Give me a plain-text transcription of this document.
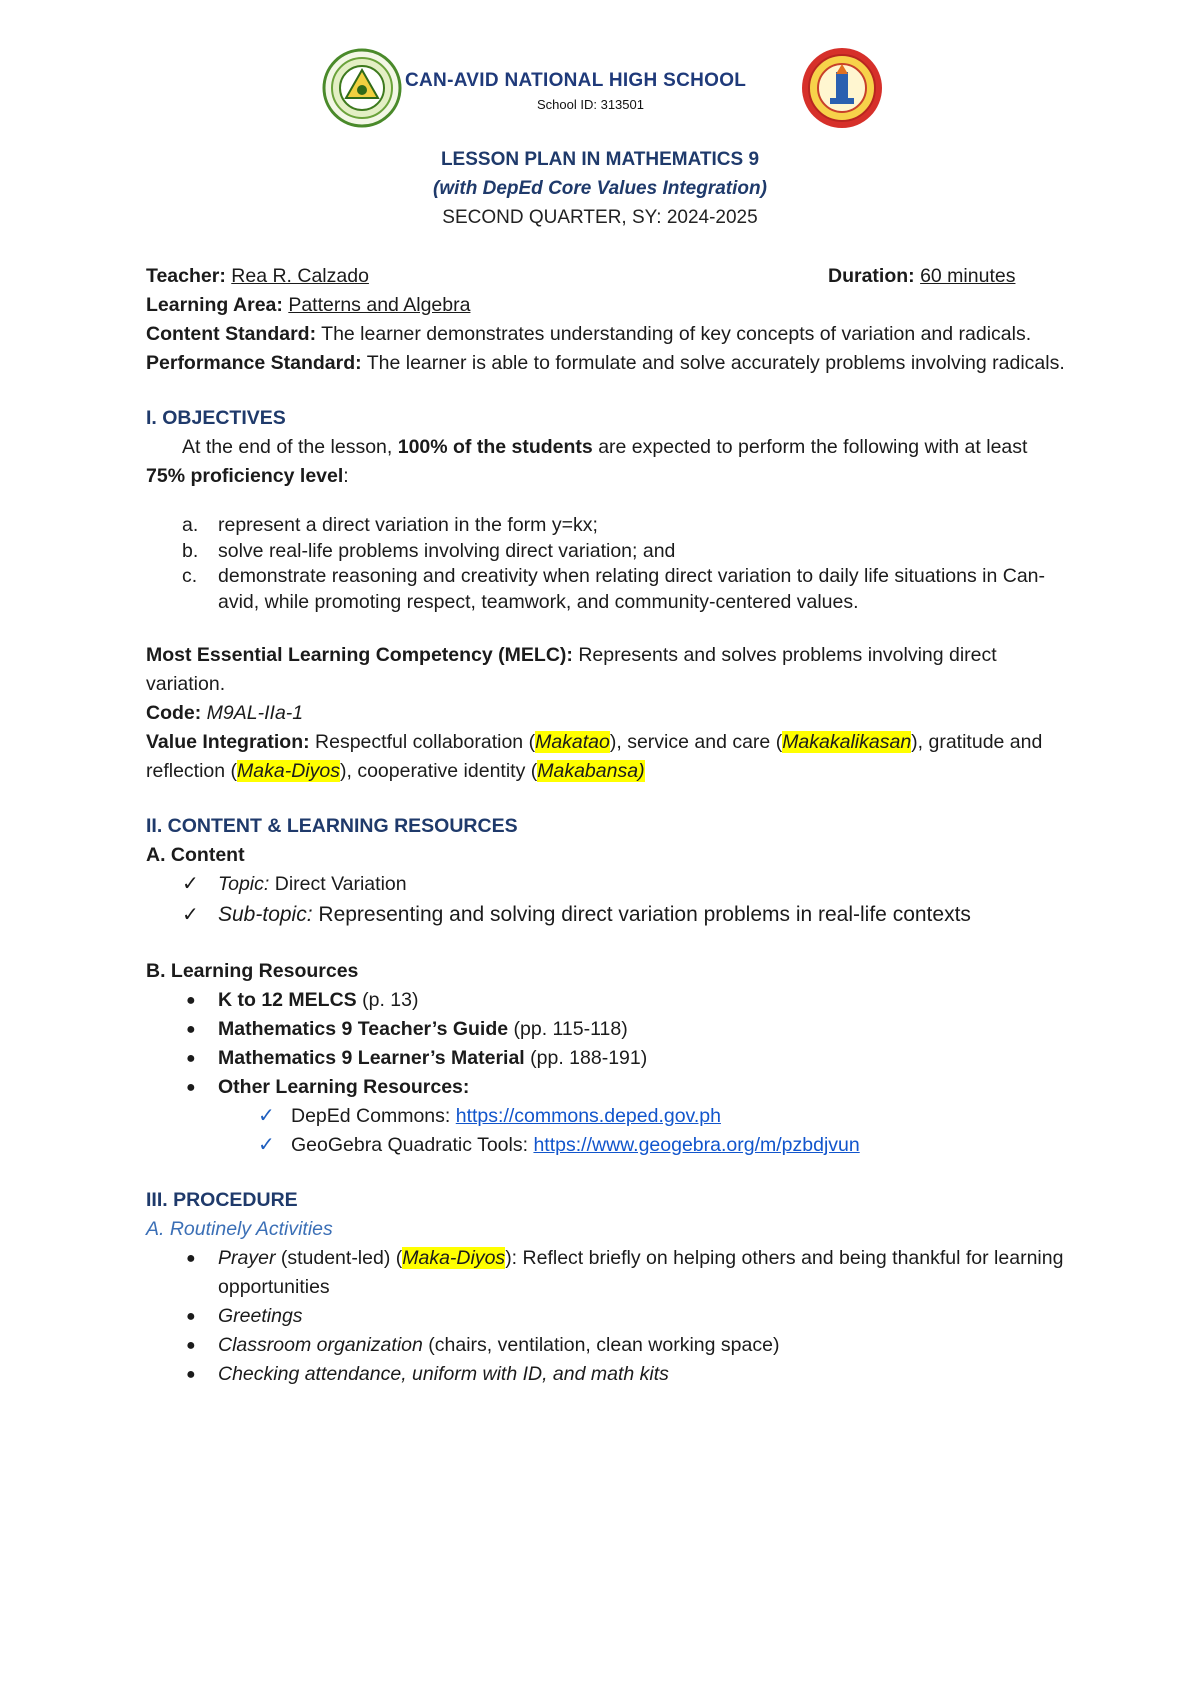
CAN-AVID NATIONAL HIGH SCHOOL
School ID: 313501
LESSON PLAN IN MATHEMATICS 9
(with DepEd Core Values Integration)
SECOND QUARTER, SY: 2024-2025
Teacher: Rea R. Calzado	Duration: 60 minutes

Learning Area: Patterns and Algebra

Content Standard: The learner demonstrates understanding of key concepts of variation and radicals.

Performance Standard: The learner is able to formulate and solve accurately problems involving radicals.

I. OBJECTIVES

At the end of the lesson, 100% of the students are expected to perform the following with at least 75% proficiency level:

a. represent a direct variation in the form y=kx;
b. solve real-life problems involving direct variation; and
c. demonstrate reasoning and creativity when relating direct variation to daily life situations in Can-avid, while promoting respect, teamwork, and community-centered values.

Most Essential Learning Competency (MELC): Represents and solves problems involving direct variation.

Code: M9AL-IIa-1

Value Integration: Respectful collaboration (Makatao), service and care (Makakalikasan), gratitude and reflection (Maka-Diyos), cooperative identity (Makabansa)

II. CONTENT & LEARNING RESOURCES

A. Content

✓ Topic: Direct Variation
✓ Sub-topic: Representing and solving direct variation problems in real-life contexts

B. Learning Resources

● K to 12 MELCS (p. 13)
● Mathematics 9 Teacher’s Guide (pp. 115-118)
● Mathematics 9 Learner’s Material (pp. 188-191)
● Other Learning Resources:
✓ DepEd Commons: https://commons.deped.gov.ph
✓ GeoGebra Quadratic Tools: https://www.geogebra.org/m/pzbdjvun

III. PROCEDURE

A. Routinely Activities

● Prayer (student-led) (Maka-Diyos): Reflect briefly on helping others and being thankful for learning opportunities
● Greetings
● Classroom organization (chairs, ventilation, clean working space)
● Checking attendance, uniform with ID, and math kits
